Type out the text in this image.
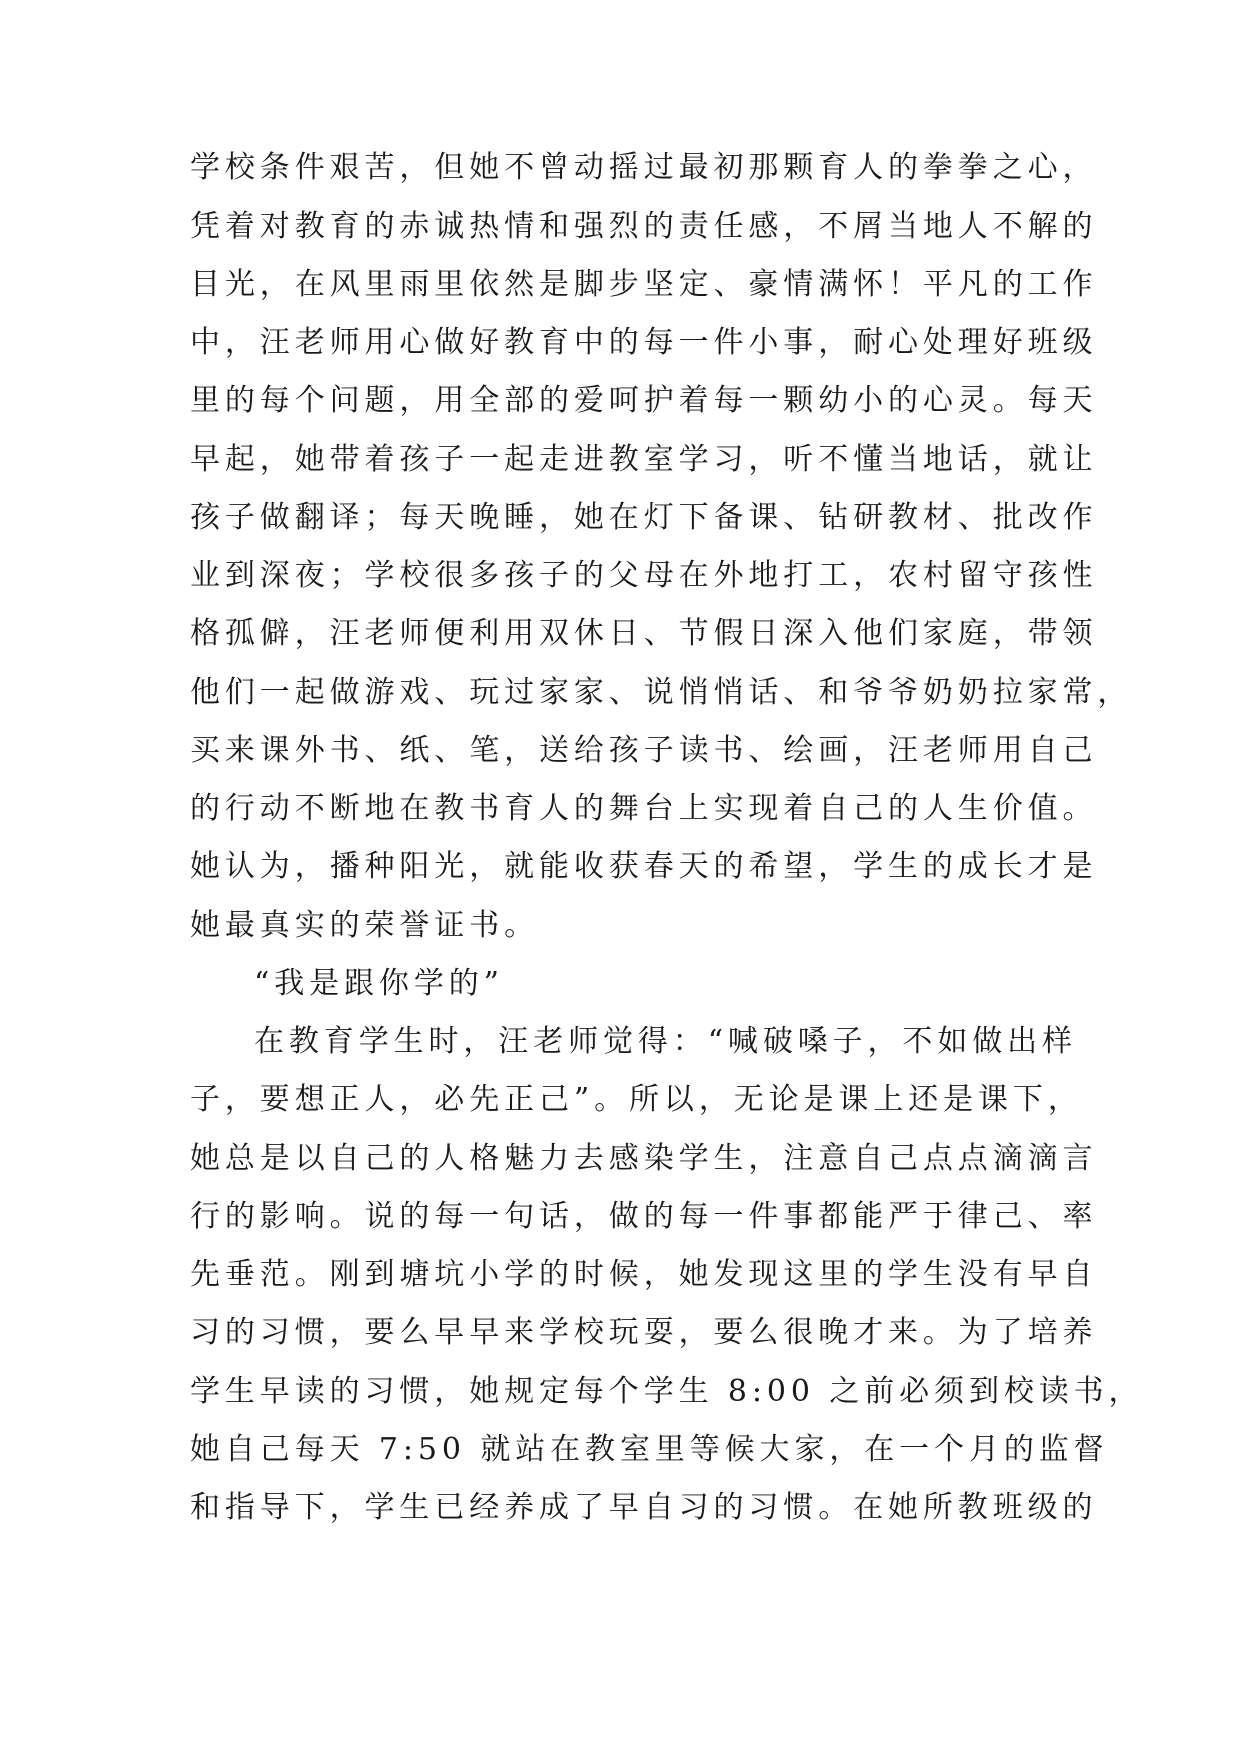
学校条件艰苦，但她不曾动摇过最初那颗育人的拳拳之心，
凭着对教育的赤诚热情和强烈的责任感，不屑当地人不解的
目光，在风里雨里依然是脚步坚定、豪情满怀！平凡的工作
中，汪老师用心做好教育中的每一件小事，耐心处理好班级
里的每个问题，用全部的爱呵护着每一颗幼小的心灵。每天
早起，她带着孩子一起走进教室学习，听不懂当地话，就让
孩子做翻译；每天晚睡，她在灯下备课、钻研教材、批改作
业到深夜；学校很多孩子的父母在外地打工，农村留守孩性
格孤僻，汪老师便利用双休日、节假日深入他们家庭，带领
他们一起做游戏、玩过家家、说悄悄话、和爷爷奶奶拉家常，
买来课外书、纸、笔，送给孩子读书、绘画，汪老师用自己
的行动不断地在教书育人的舞台上实现着自己的人生价值。
她认为，播种阳光，就能收获春天的希望，学生的成长才是
她最真实的荣誉证书。
“我是跟你学的”
在教育学生时，汪老师觉得：“喊破嗓子，不如做出样
子，要想正人，必先正己”。所以，无论是课上还是课下，
她总是以自己的人格魅力去感染学生，注意自己点点滴滴言
行的影响。说的每一句话，做的每一件事都能严于律己、率
先垂范。刚到塘坑小学的时候，她发现这里的学生没有早自
习的习惯，要么早早来学校玩耍，要么很晚才来。为了培养
学生早读的习惯，她规定每个学生 8:00 之前必须到校读书，
她自己每天 7:50 就站在教室里等候大家，在一个月的监督
和指导下，学生已经养成了早自习的习惯。在她所教班级的
